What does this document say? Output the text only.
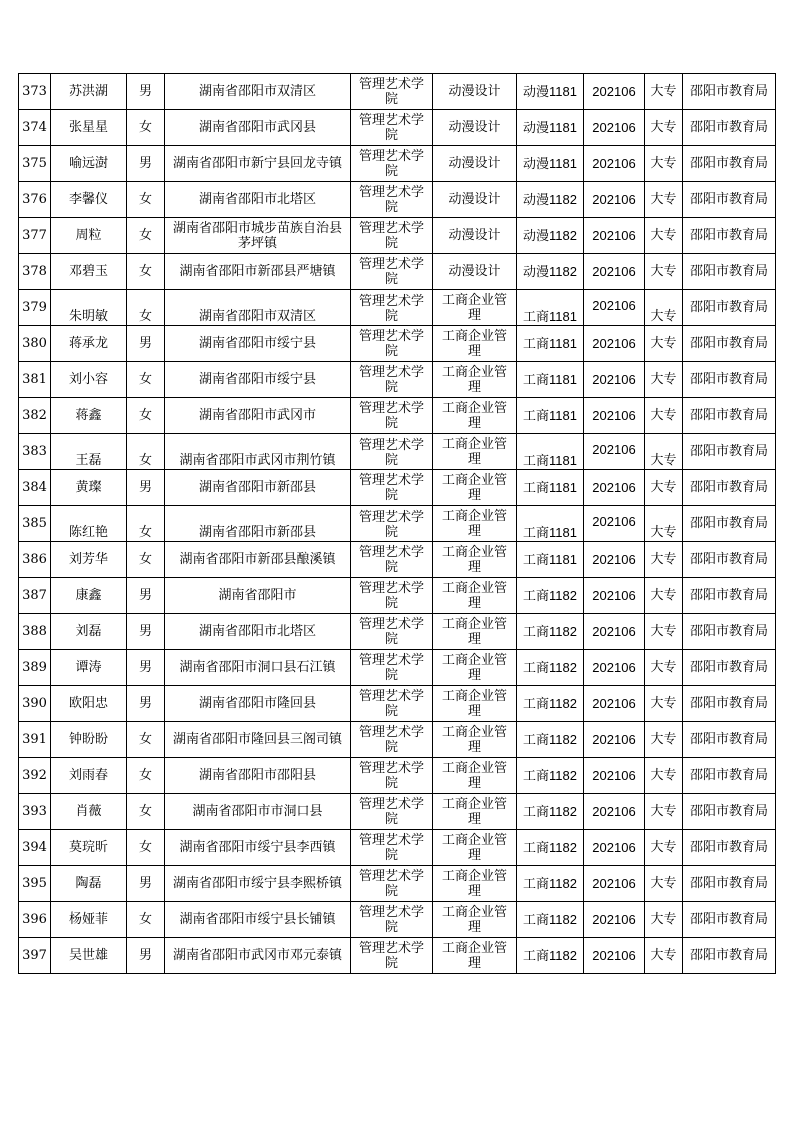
373	苏洪湖	男	湖南省邵阳市双清区	管理艺术学院	动漫设计	动漫1181	202106	大专	邵阳市教育局

374	张星星	女	湖南省邵阳市武冈县	管理艺术学院	动漫设计	动漫1181	202106	大专	邵阳市教育局

375	喻远澍	男	湖南省邵阳市新宁县回龙寺镇	管理艺术学院	动漫设计	动漫1181	202106	大专	邵阳市教育局

376	李馨仪	女	湖南省邵阳市北塔区	管理艺术学院	动漫设计	动漫1182	202106	大专	邵阳市教育局

377	周粒	女	湖南省邵阳市城步苗族自治县茅坪镇	管理艺术学院	动漫设计	动漫1182	202106	大专	邵阳市教育局

378	邓碧玉	女	湖南省邵阳市新邵县严塘镇	管理艺术学院	动漫设计	动漫1182	202106	大专	邵阳市教育局

379	朱明敏	女	湖南省邵阳市双清区	管理艺术学院	工商企业管理	工商1181	202106	大专	邵阳市教育局

380	蒋承龙	男	湖南省邵阳市绥宁县	管理艺术学院	工商企业管理	工商1181	202106	大专	邵阳市教育局

381	刘小容	女	湖南省邵阳市绥宁县	管理艺术学院	工商企业管理	工商1181	202106	大专	邵阳市教育局

382	蒋鑫	女	湖南省邵阳市武冈市	管理艺术学院	工商企业管理	工商1181	202106	大专	邵阳市教育局

383	王磊	女	湖南省邵阳市武冈市荆竹镇	管理艺术学院	工商企业管理	工商1181	202106	大专	邵阳市教育局

384	黄璨	男	湖南省邵阳市新邵县	管理艺术学院	工商企业管理	工商1181	202106	大专	邵阳市教育局

385	陈红艳	女	湖南省邵阳市新邵县	管理艺术学院	工商企业管理	工商1181	202106	大专	邵阳市教育局

386	刘芳华	女	湖南省邵阳市新邵县酿溪镇	管理艺术学院	工商企业管理	工商1181	202106	大专	邵阳市教育局

387	康鑫	男	湖南省邵阳市	管理艺术学院	工商企业管理	工商1182	202106	大专	邵阳市教育局

388	刘磊	男	湖南省邵阳市北塔区	管理艺术学院	工商企业管理	工商1182	202106	大专	邵阳市教育局

389	谭涛	男	湖南省邵阳市洞口县石江镇	管理艺术学院	工商企业管理	工商1182	202106	大专	邵阳市教育局

390	欧阳忠	男	湖南省邵阳市隆回县	管理艺术学院	工商企业管理	工商1182	202106	大专	邵阳市教育局

391	钟盼盼	女	湖南省邵阳市隆回县三阁司镇	管理艺术学院	工商企业管理	工商1182	202106	大专	邵阳市教育局

392	刘雨春	女	湖南省邵阳市邵阳县	管理艺术学院	工商企业管理	工商1182	202106	大专	邵阳市教育局

393	肖薇	女	湖南省邵阳市市洞口县	管理艺术学院	工商企业管理	工商1182	202106	大专	邵阳市教育局

394	莫琓昕	女	湖南省邵阳市绥宁县李西镇	管理艺术学院	工商企业管理	工商1182	202106	大专	邵阳市教育局

395	陶磊	男	湖南省邵阳市绥宁县李熙桥镇	管理艺术学院	工商企业管理	工商1182	202106	大专	邵阳市教育局

396	杨娅菲	女	湖南省邵阳市绥宁县长铺镇	管理艺术学院	工商企业管理	工商1182	202106	大专	邵阳市教育局

397	吴世雄	男	湖南省邵阳市武冈市邓元泰镇	管理艺术学院	工商企业管理	工商1182	202106	大专	邵阳市教育局
